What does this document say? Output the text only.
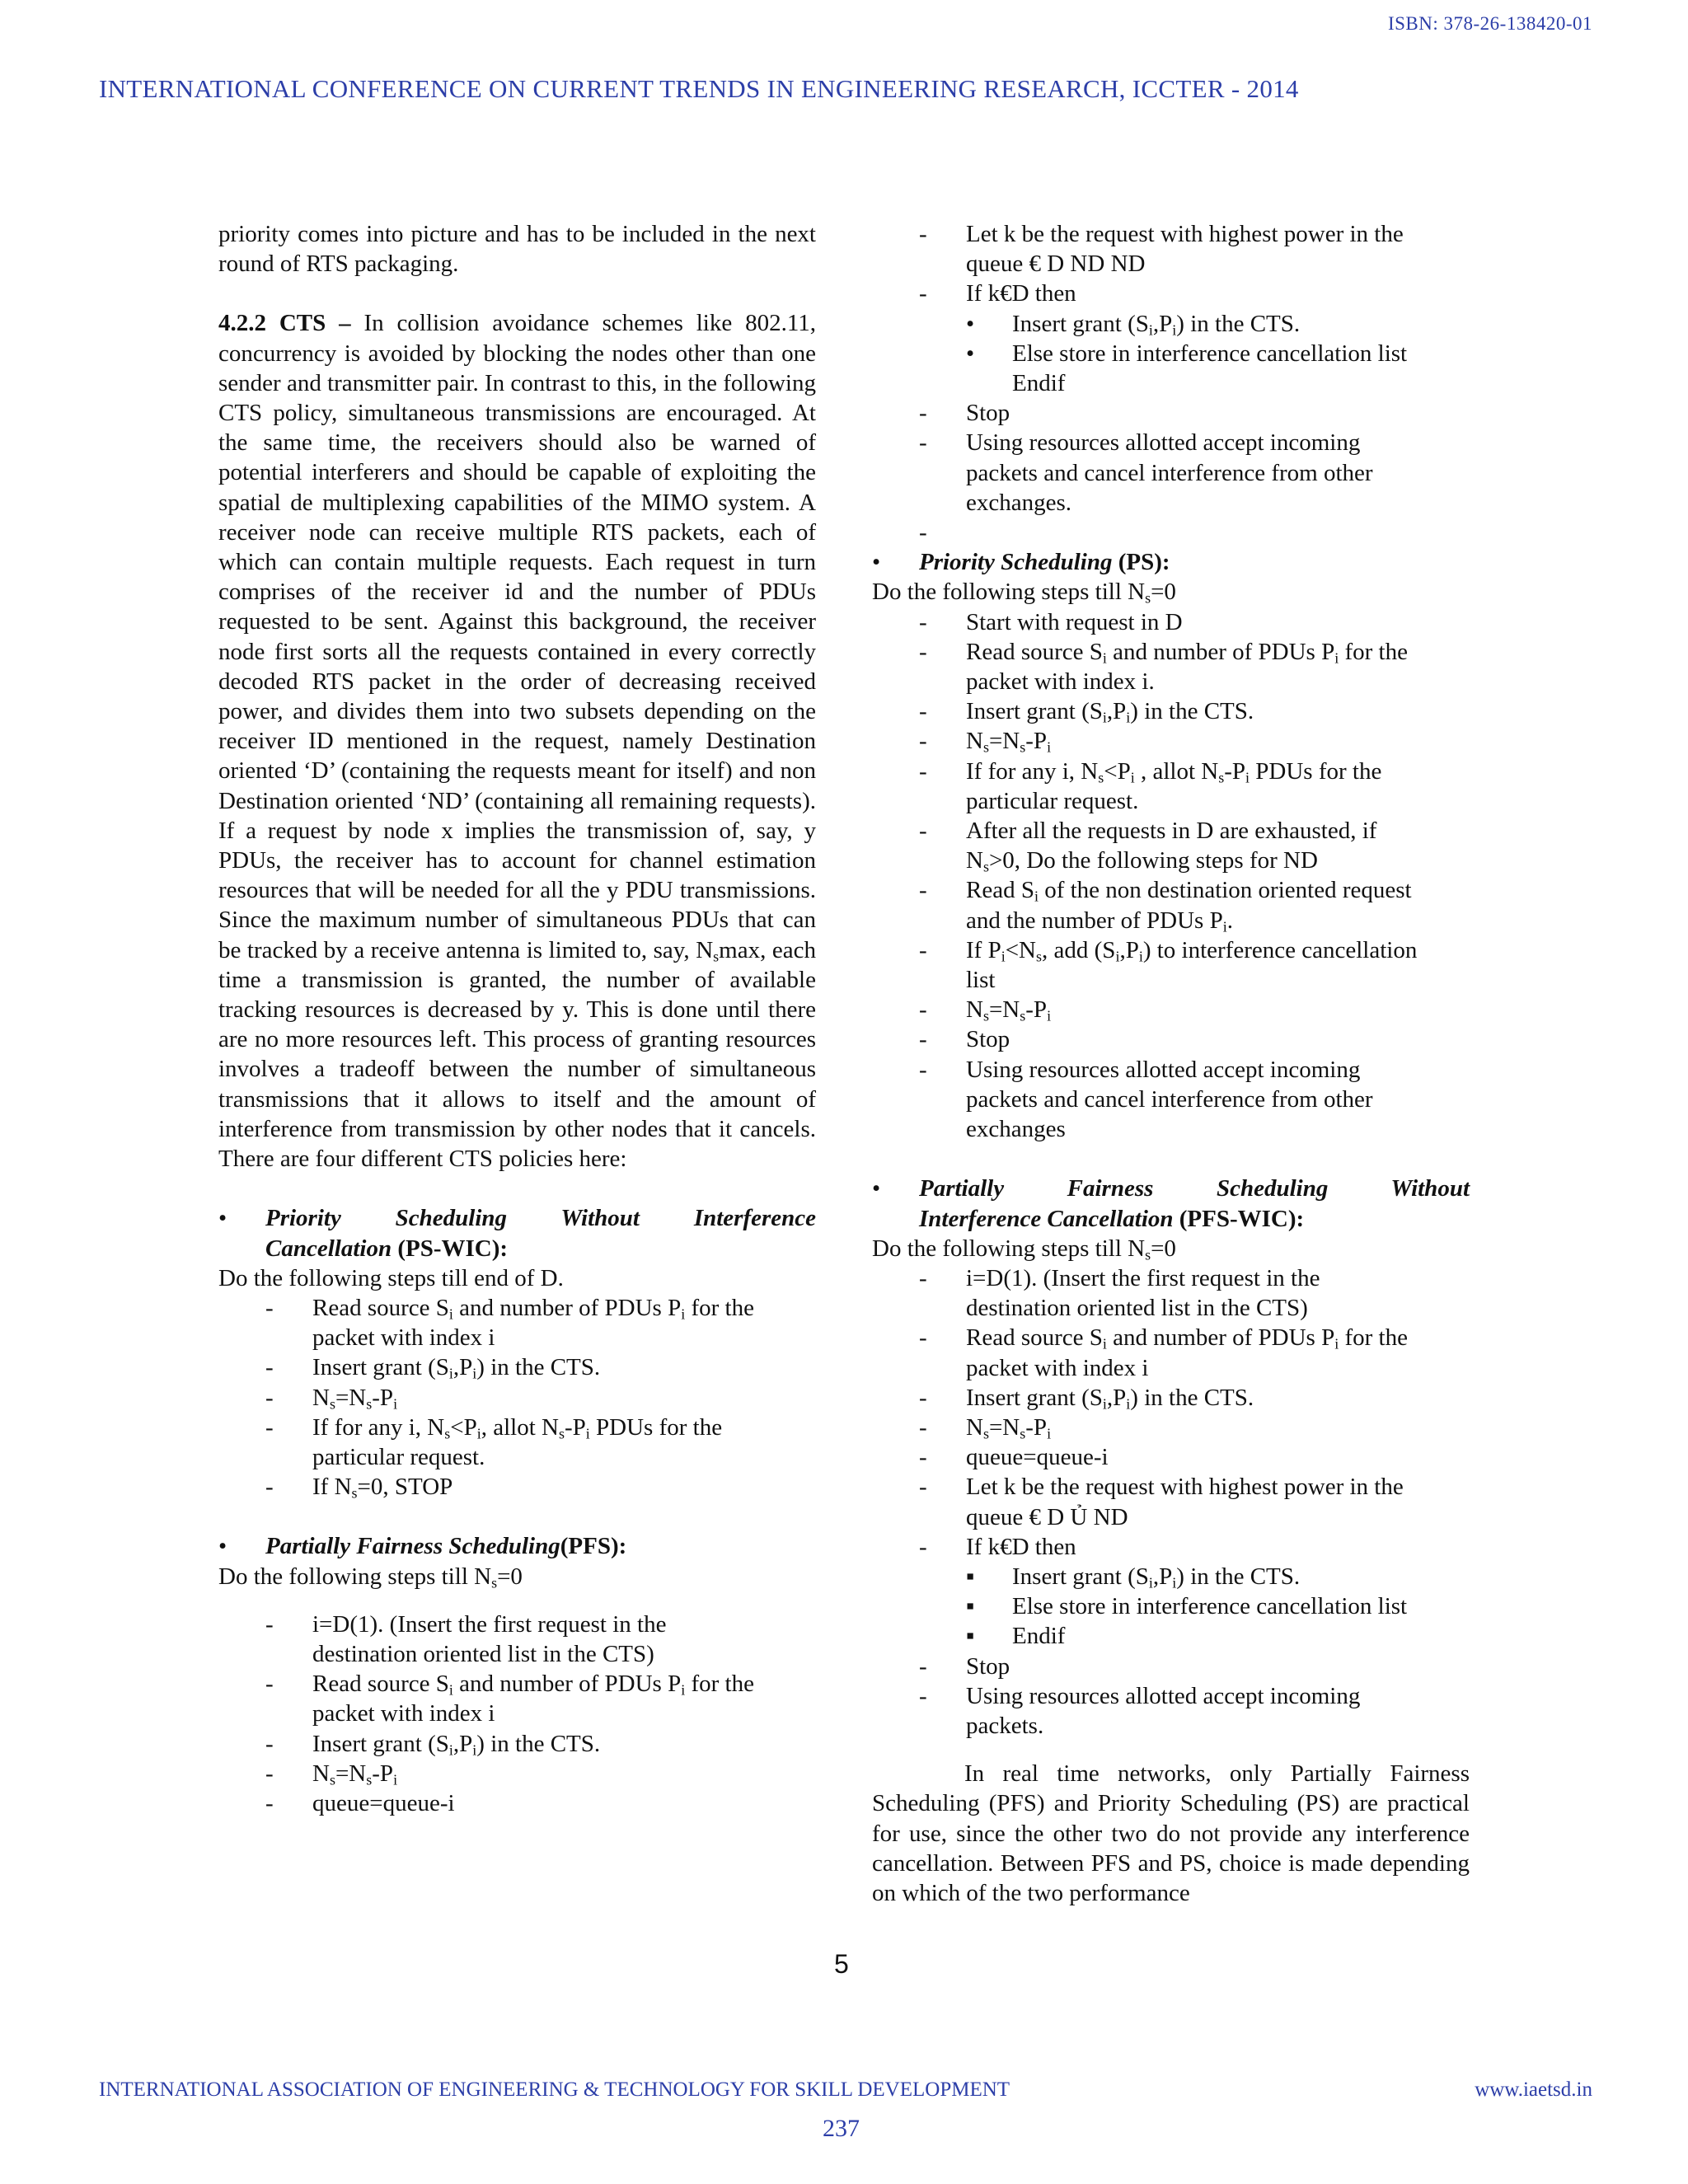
ISBN: 378-26-138420-01
INTERNATIONAL CONFERENCE ON CURRENT TRENDS IN ENGINEERING RESEARCH, ICCTER - 2014

priority comes into picture and has to be included in the next round of RTS packaging.

4.2.2 CTS – In collision avoidance schemes like 802.11, concurrency is avoided by blocking the nodes other than one sender and transmitter pair. In contrast to this, in the following CTS policy, simultaneous transmissions are encouraged. At the same time, the receivers should also be warned of potential interferers and should be capable of exploiting the spatial de multiplexing capabilities of the MIMO system. A receiver node can receive multiple RTS packets, each of which can contain multiple requests. Each request in turn comprises of the receiver id and the number of PDUs requested to be sent. Against this background, the receiver node first sorts all the requests contained in every correctly decoded RTS packet in the order of decreasing received power, and divides them into two subsets depending on the receiver ID mentioned in the request, namely Destination oriented ‘D’ (containing the requests meant for itself) and non Destination oriented ‘ND’ (containing all remaining requests). If a request by node x implies the transmission of, say, y PDUs, the receiver has to account for channel estimation resources that will be needed for all the y PDU transmissions. Since the maximum number of simultaneous PDUs that can be tracked by a receive antenna is limited to, say, $N_s\max$, each time a transmission is granted, the number of available tracking resources is decreased by y. This is done until there are no more resources left. This process of granting resources involves a tradeoff between the number of simultaneous transmissions that it allows to itself and the amount of interference from transmission by other nodes that it cancels. There are four different CTS policies here:

•	Priority Scheduling Without Interference
Cancellation (PS-WIC):

Do the following steps till end of D.

-	Read source $S_i$ and number of PDUs $P_i$ for the
packet with index i
-	Insert grant $(S_i,P_i)$ in the CTS.
-	$N_s=N_s-P_i$
-	If for any i, $N_s<P_i$, allot $N_s-P_i$ PDUs for the
particular request.
-	If $N_s=0$, STOP
•	Partially Fairness Scheduling(PFS):

Do the following steps till $N_s=0$

-	i=D(1). (Insert the first request in the
destination oriented list in the CTS)
-	Read source $S_i$ and number of PDUs $P_i$ for the
packet with index i
-	Insert grant $(S_i,P_i)$ in the CTS.
-	$N_s=N_s-P_i$
-	queue=queue-i
-	Let k be the request with highest power in the
queue € D ND ND
-	If k€D then
•	Insert grant $(S_i,P_i)$ in the CTS.
•	Else store in interference cancellation list
Endif
-	Stop
-	Using resources allotted accept incoming
packets and cancel interference from other
exchanges.
-
•	Priority Scheduling (PS):

Do the following steps till $N_s=0$

-	Start with request in D
-	Read source $S_i$ and number of PDUs $P_i$ for the
packet with index i.
-	Insert grant $(S_i,P_i)$ in the CTS.
-	$N_s=N_s-P_i$
-	If for any i, $N_s<P_i$ , allot $N_s-P_i$ PDUs for the
particular request.
-	After all the requests in D are exhausted, if
$N_s>0$, Do the following steps for ND
-	Read $S_i$ of the non destination oriented request
and the number of PDUs $P_i$.
-	If $P_i<N_s$, add $(S_i,P_i)$ to interference cancellation
list
-	$N_s=N_s-P_i$
-	Stop
-	Using resources allotted accept incoming
packets and cancel interference from other
exchanges
•	Partially Fairness Scheduling Without
Interference Cancellation (PFS-WIC):

Do the following steps till $N_s=0$

-	i=D(1). (Insert the first request in the
destination oriented list in the CTS)
-	Read source $S_i$ and number of PDUs $P_i$ for the
packet with index i
-	Insert grant $(S_i,P_i)$ in the CTS.
-	$N_s=N_s-P_i$
-	queue=queue-i
-	Let k be the request with highest power in the
queue € D Ủ ND
-	If k€D then
▪	Insert grant $(S_i,P_i)$ in the CTS.
▪	Else store in interference cancellation list
▪	Endif
-	Stop
-	Using resources allotted accept incoming
packets.

In real time networks, only Partially Fairness Scheduling (PFS) and Priority Scheduling (PS) are practical for use, since the other two do not provide any interference cancellation. Between PFS and PS, choice is made depending on which of the two performance

5
INTERNATIONAL ASSOCIATION OF ENGINEERING & TECHNOLOGY FOR SKILL DEVELOPMENT	www.iaetsd.in
237
